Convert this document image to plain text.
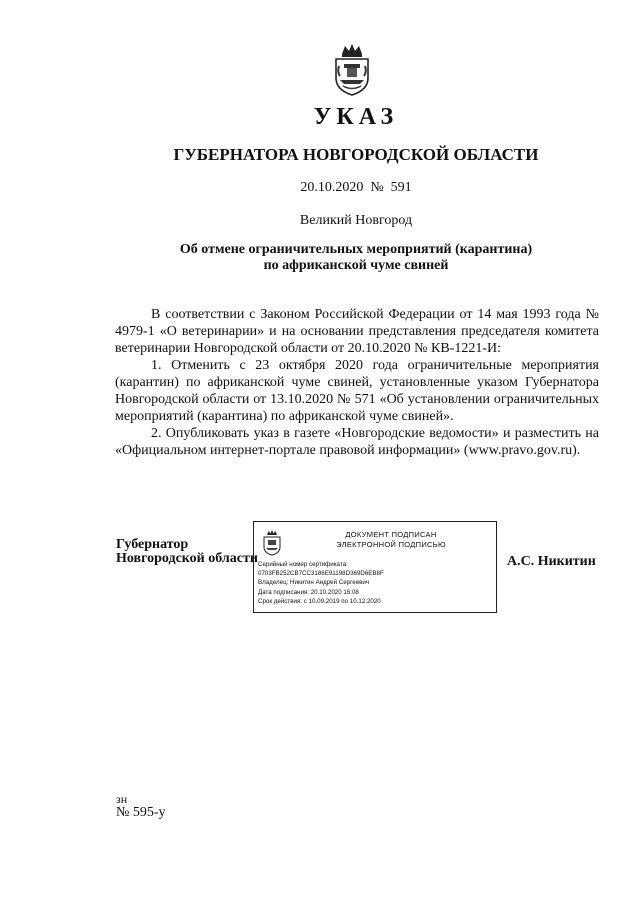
УКАЗ
ГУБЕРНАТОРА НОВГОРОДСКОЙ ОБЛАСТИ
20.10.2020  №  591
Великий Новгород
Об отмене ограничительных мероприятий (карантина)
по африканской чуме свиней

В соответствии с Законом Российской Федерации от 14 мая 1993 года № 4979-1 «О ветеринарии» и на основании представления председателя комитета ветеринарии Новгородской области от 20.10.2020 № КВ-1221-И:

1. Отменить с 23 октября 2020 года ограничительные мероприятия (карантин) по африканской чуме свиней, установленные указом Губернатора Новгородской области от 13.10.2020 № 571 «Об установлении ограничительных мероприятий (карантина) по африканской чуме свиней».

2. Опубликовать указ в газете «Новгородские ведомости» и разместить на «Официальном интернет-портале правовой информации» (www.pravo.gov.ru).

Губернатор
Новгородской области
ДОКУМЕНТ ПОДПИСАН
ЭЛЕКТРОННОЙ ПОДПИСЬЮ
Серийный номер сертификата:
0703FB252CB7CC3186E91198D369D6EB8F
Владелец: Никитин Андрей Сергеевич
Дата подписания: 20.10.2020 16:08
Срок действия: с 10.09.2019 по 10.12.2020
А.С. Никитин
зн
№ 595-у
